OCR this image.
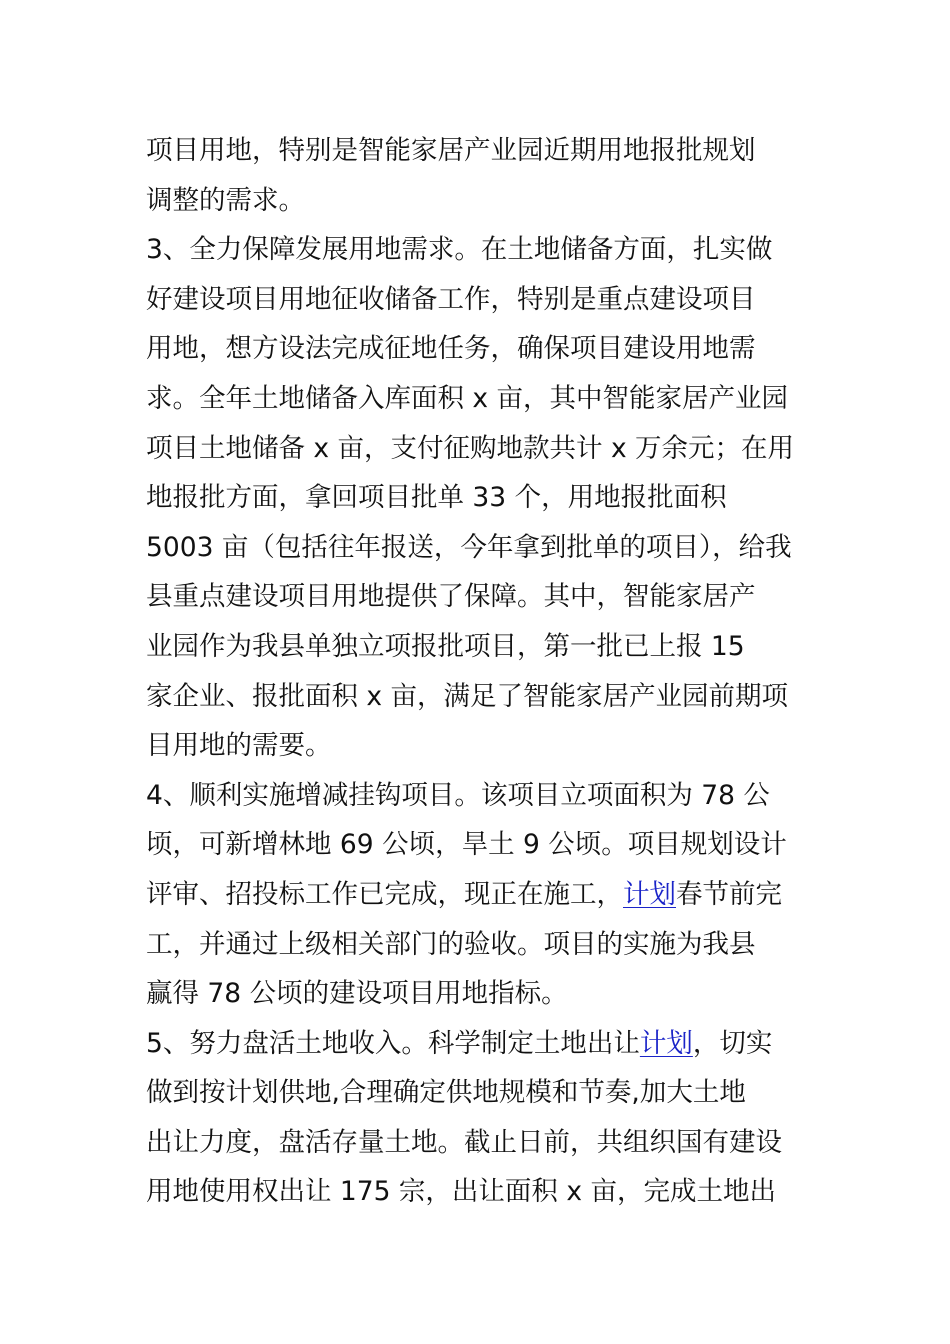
项目用地，特别是智能家居产业园近期用地报批规划
调整的需求。
3、全力保障发展用地需求。在土地储备方面，扎实做
好建设项目用地征收储备工作，特别是重点建设项目
用地，想方设法完成征地任务，确保项目建设用地需
求。全年土地储备入库面积 x 亩，其中智能家居产业园
项目土地储备 x 亩，支付征购地款共计 x 万余元；在用
地报批方面，拿回项目批单 33 个，用地报批面积
5003 亩（包括往年报送，今年拿到批单的项目），给我
县重点建设项目用地提供了保障。其中，智能家居产
业园作为我县单独立项报批项目，第一批已上报 15
家企业、报批面积 x 亩，满足了智能家居产业园前期项
目用地的需要。
4、顺利实施增减挂钩项目。该项目立项面积为 78 公
顷，可新增林地 69 公顷，旱土 9 公顷。项目规划设计
评审、招投标工作已完成，现正在施工，计划春节前完
工，并通过上级相关部门的验收。项目的实施为我县
赢得 78 公顷的建设项目用地指标。
5、努力盘活土地收入。科学制定土地出让计划，切实
做到按计划供地,合理确定供地规模和节奏,加大土地
出让力度，盘活存量土地。截止日前，共组织国有建设
用地使用权出让 175 宗，出让面积 x 亩，完成土地出
